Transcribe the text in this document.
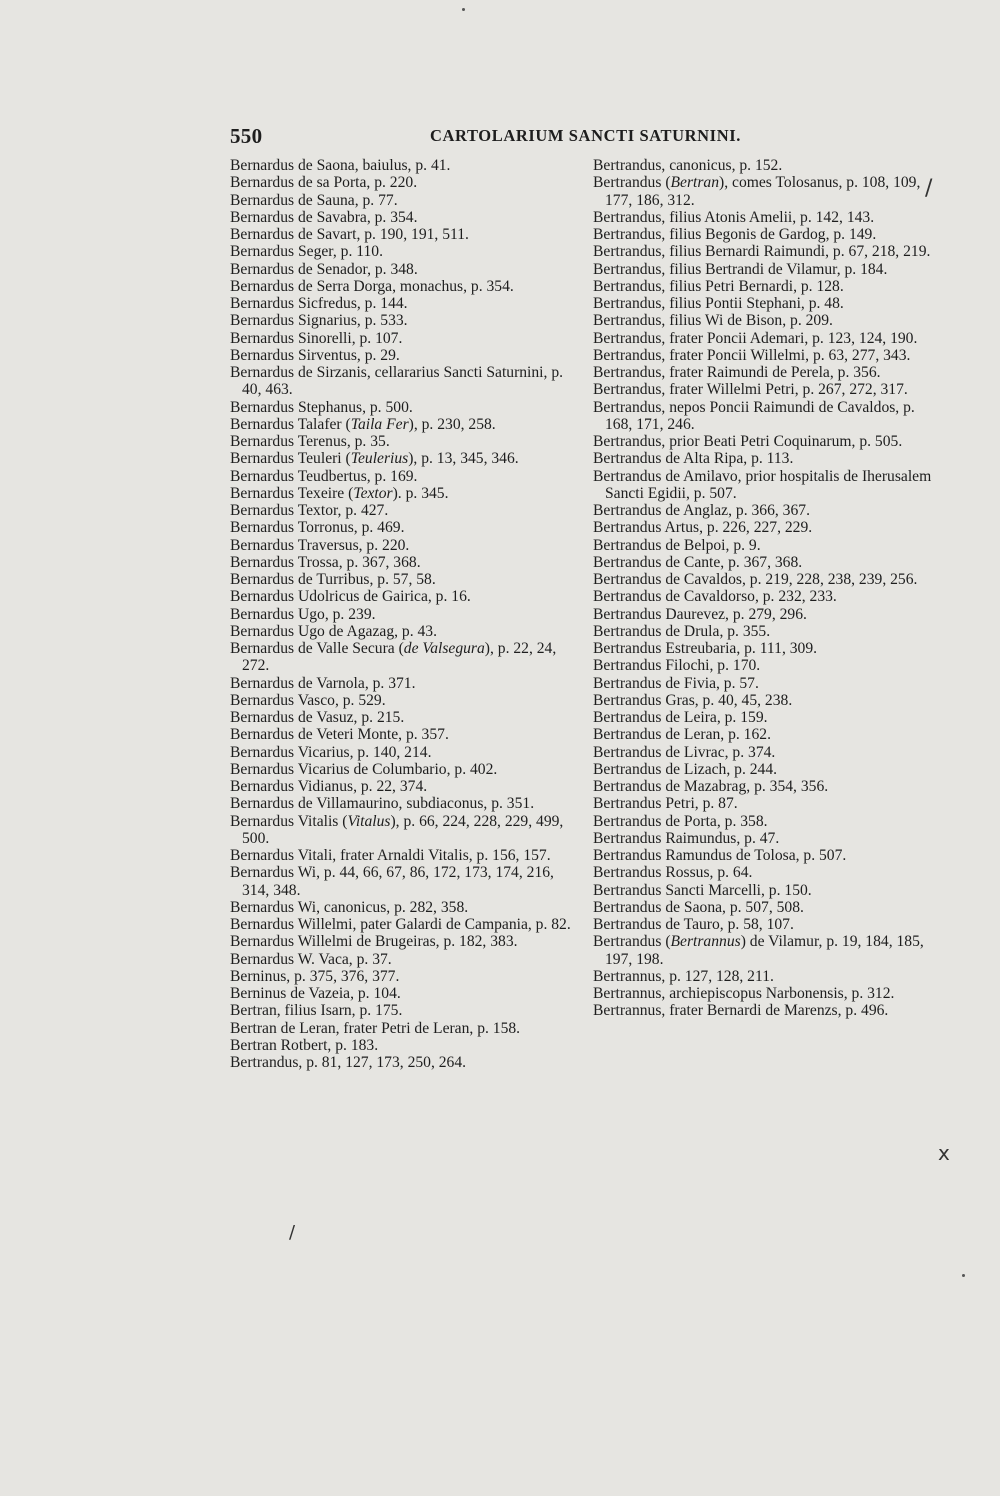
550	CARTOLARIUM SANCTI SATURNINI.

Bernardus de Saona, baiulus, p. 41.

Bernardus de sa Porta, p. 220.

Bernardus de Sauna, p. 77.

Bernardus de Savabra, p. 354.

Bernardus de Savart, p. 190, 191, 511.

Bernardus Seger, p. 110.

Bernardus de Senador, p. 348.

Bernardus de Serra Dorga, monachus, p. 354.

Bernardus Sicfredus, p. 144.

Bernardus Signarius, p. 533.

Bernardus Sinorelli, p. 107.

Bernardus Sirventus, p. 29.

Bernardus de Sirzanis, cellararius Sancti Saturnini, p. 40, 463.

Bernardus Stephanus, p. 500.

Bernardus Talafer (Taila Fer), p. 230, 258.

Bernardus Terenus, p. 35.

Bernardus Teuleri (Teulerius), p. 13, 345, 346.

Bernardus Teudbertus, p. 169.

Bernardus Texeire (Textor). p. 345.

Bernardus Textor, p. 427.

Bernardus Torronus, p. 469.

Bernardus Traversus, p. 220.

Bernardus Trossa, p. 367, 368.

Bernardus de Turribus, p. 57, 58.

Bernardus Udolricus de Gairica, p. 16.

Bernardus Ugo, p. 239.

Bernardus Ugo de Agazag, p. 43.

Bernardus de Valle Secura (de Valsegura), p. 22, 24, 272.

Bernardus de Varnola, p. 371.

Bernardus Vasco, p. 529.

Bernardus de Vasuz, p. 215.

Bernardus de Veteri Monte, p. 357.

Bernardus Vicarius, p. 140, 214.

Bernardus Vicarius de Columbario, p. 402.

Bernardus Vidianus, p. 22, 374.

Bernardus de Villamaurino, subdiaconus, p. 351.

Bernardus Vitalis (Vitalus), p. 66, 224, 228, 229, 499, 500.

Bernardus Vitali, frater Arnaldi Vitalis, p. 156, 157.

Bernardus Wi, p. 44, 66, 67, 86, 172, 173, 174, 216, 314, 348.

Bernardus Wi, canonicus, p. 282, 358.

Bernardus Willelmi, pater Galardi de Campania, p. 82.

Bernardus Willelmi de Brugeiras, p. 182, 383.

Bernardus W. Vaca, p. 37.

Berninus, p. 375, 376, 377.

Berninus de Vazeia, p. 104.

Bertran, filius Isarn, p. 175.

Bertran de Leran, frater Petri de Leran, p. 158.

Bertran Rotbert, p. 183.

Bertrandus, p. 81, 127, 173, 250, 264.

Bertrandus, canonicus, p. 152.

Bertrandus (Bertran), comes Tolosanus, p. 108, 109, 177, 186, 312.

Bertrandus, filius Atonis Amelii, p. 142, 143.

Bertrandus, filius Begonis de Gardog, p. 149.

Bertrandus, filius Bernardi Raimundi, p. 67, 218, 219.

Bertrandus, filius Bertrandi de Vilamur, p. 184.

Bertrandus, filius Petri Bernardi, p. 128.

Bertrandus, filius Pontii Stephani, p. 48.

Bertrandus, filius Wi de Bison, p. 209.

Bertrandus, frater Poncii Ademari, p. 123, 124, 190.

Bertrandus, frater Poncii Willelmi, p. 63, 277, 343.

Bertrandus, frater Raimundi de Perela, p. 356.

Bertrandus, frater Willelmi Petri, p. 267, 272, 317.

Bertrandus, nepos Poncii Raimundi de Cavaldos, p. 168, 171, 246.

Bertrandus, prior Beati Petri Coquinarum, p. 505.

Bertrandus de Alta Ripa, p. 113.

Bertrandus de Amilavo, prior hospitalis de Iherusalem Sancti Egidii, p. 507.

Bertrandus de Anglaz, p. 366, 367.

Bertrandus Artus, p. 226, 227, 229.

Bertrandus de Belpoi, p. 9.

Bertrandus de Cante, p. 367, 368.

Bertrandus de Cavaldos, p. 219, 228, 238, 239, 256.

Bertrandus de Cavaldorso, p. 232, 233.

Bertrandus Daurevez, p. 279, 296.

Bertrandus de Drula, p. 355.

Bertrandus Estreubaria, p. 111, 309.

Bertrandus Filochi, p. 170.

Bertrandus de Fivia, p. 57.

Bertrandus Gras, p. 40, 45, 238.

Bertrandus de Leira, p. 159.

Bertrandus de Leran, p. 162.

Bertrandus de Livrac, p. 374.

Bertrandus de Lizach, p. 244.

Bertrandus de Mazabrag, p. 354, 356.

Bertrandus Petri, p. 87.

Bertrandus de Porta, p. 358.

Bertrandus Raimundus, p. 47.

Bertrandus Ramundus de Tolosa, p. 507.

Bertrandus Rossus, p. 64.

Bertrandus Sancti Marcelli, p. 150.

Bertrandus de Saona, p. 507, 508.

Bertrandus de Tauro, p. 58, 107.

Bertrandus (Bertrannus) de Vilamur, p. 19, 184, 185, 197, 198.

Bertrannus, p. 127, 128, 211.

Bertrannus, archiepiscopus Narbonensis, p. 312.

Bertrannus, frater Bernardi de Marenzs, p. 496.

/
x
/
